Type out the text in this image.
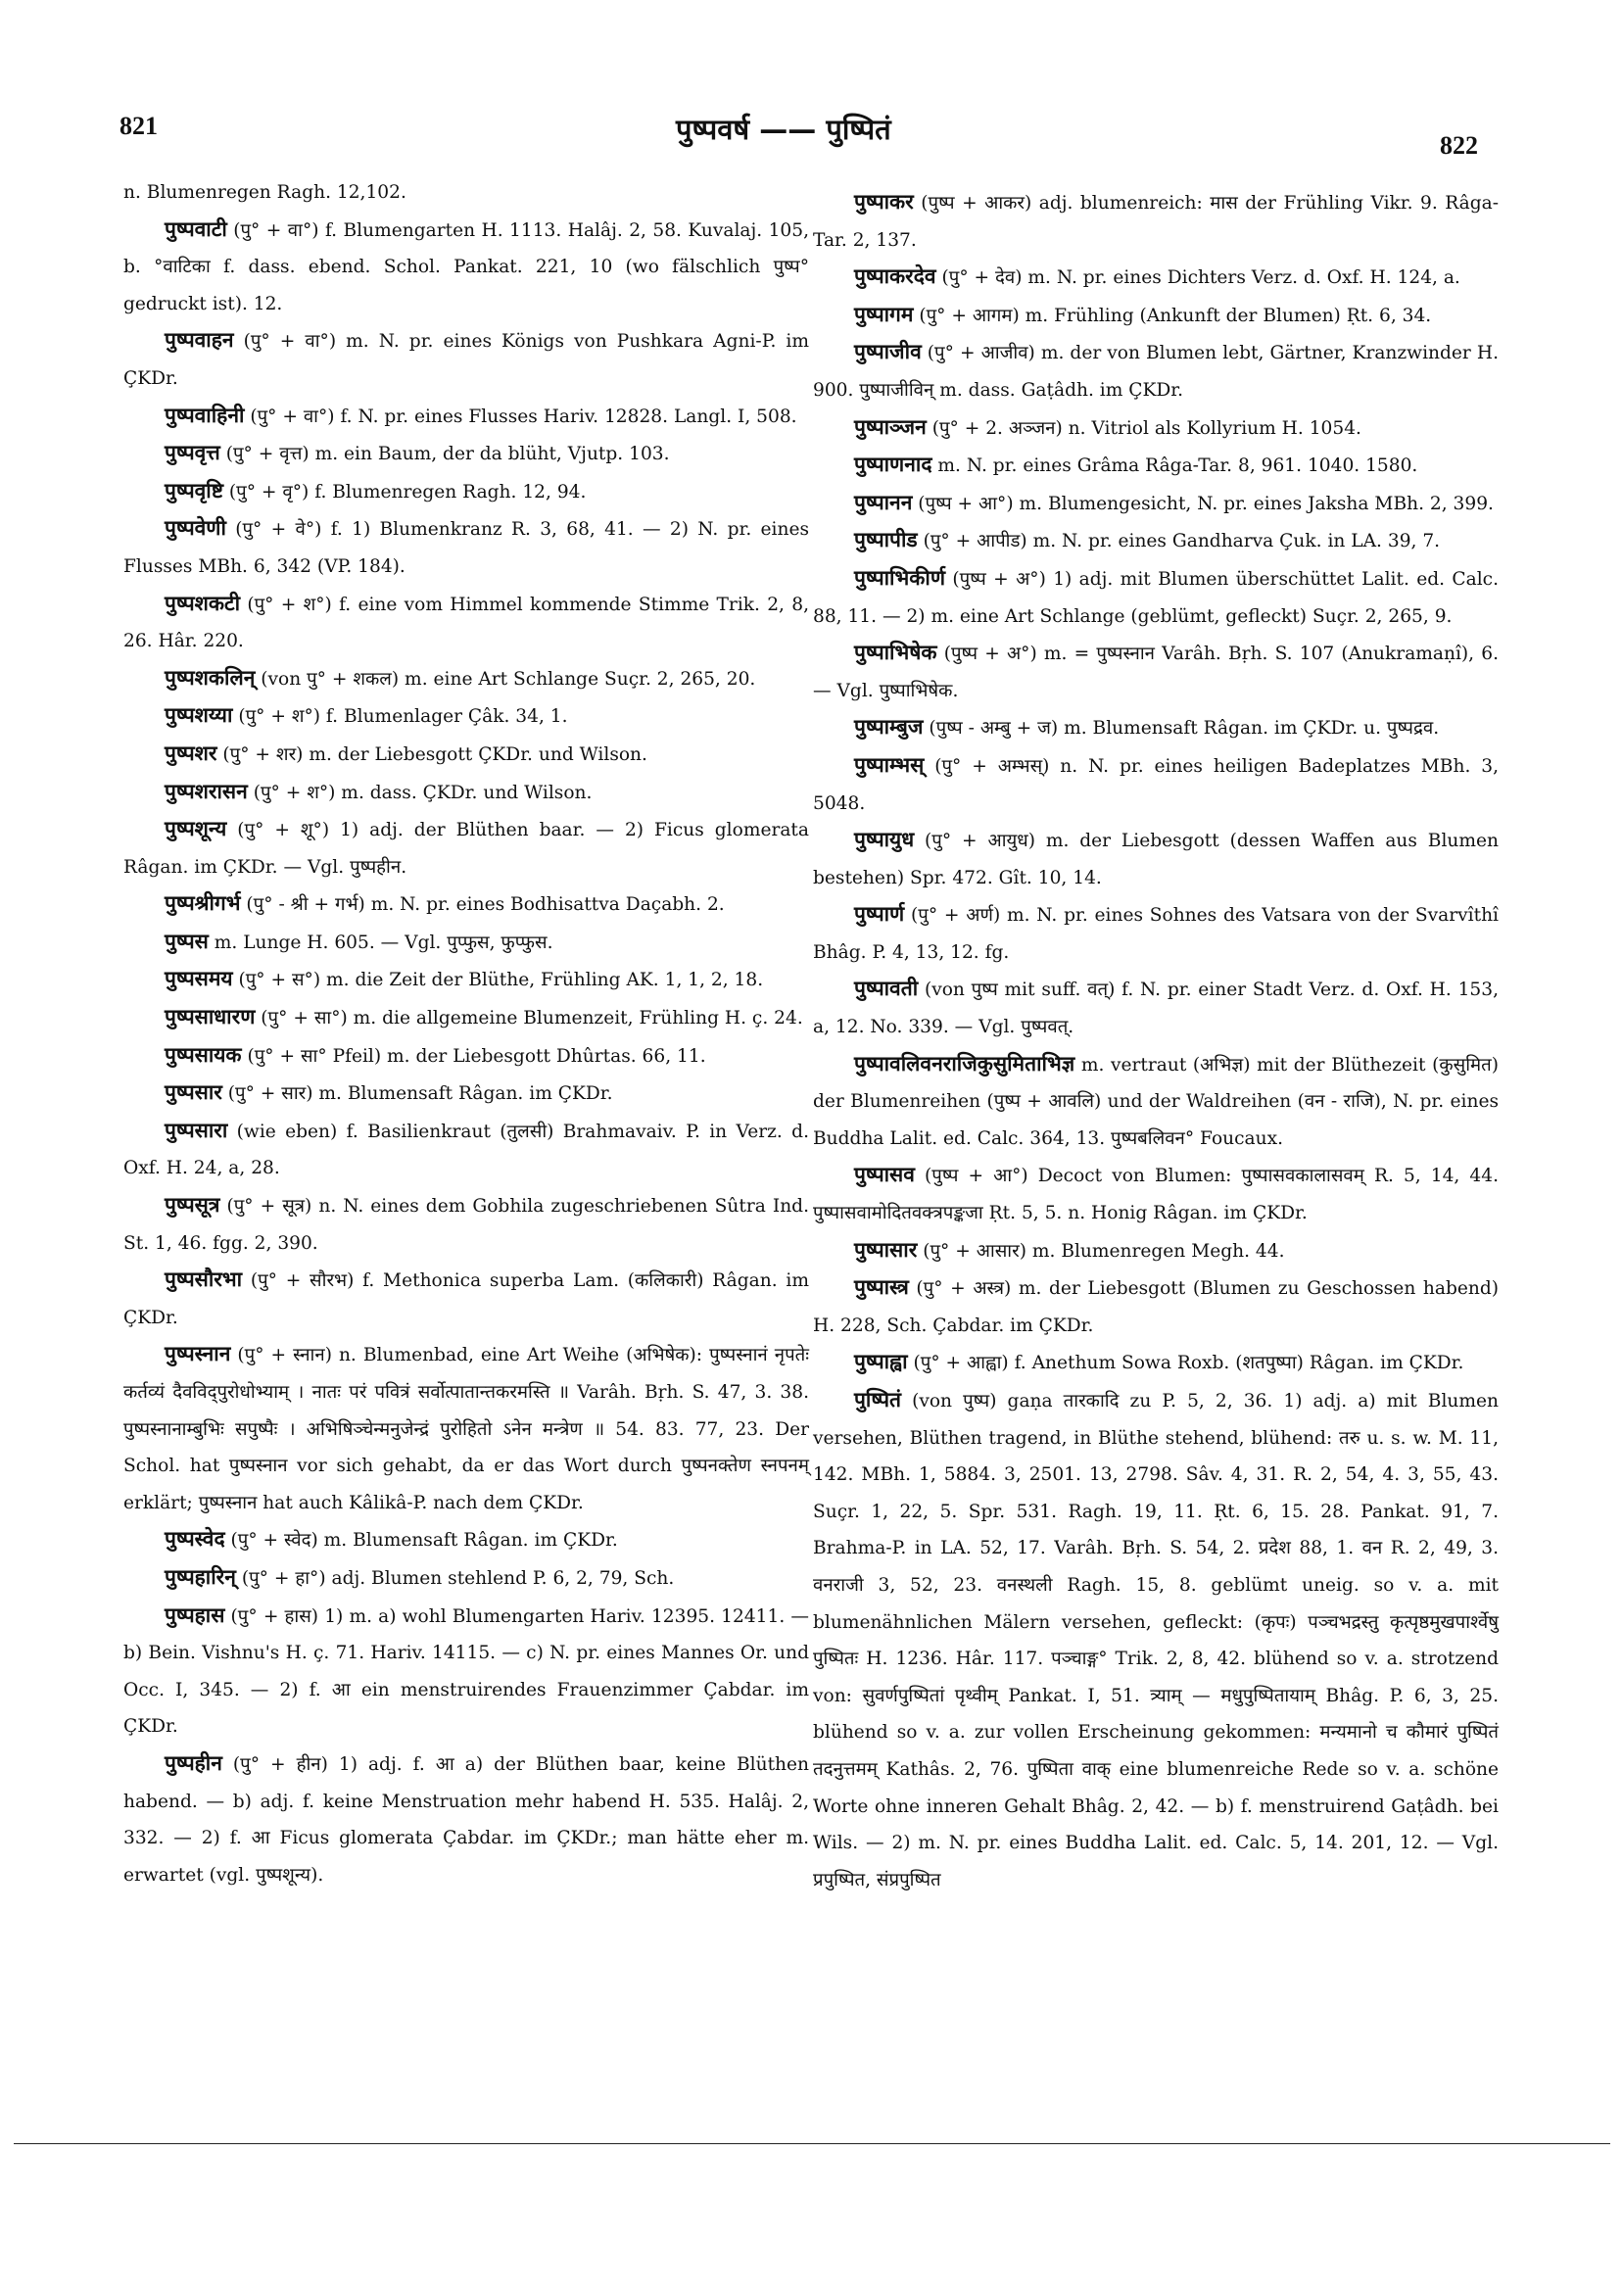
821	पुष्पवर्ष —— पुष्पितं	822

n. Blumenregen Ragh. 12,102.

पुष्पवाटी (पु° + वा°) f. Blumengarten H. 1113. Halâj. 2, 58. Kuvalaj. 105, b. °वाटिका f. dass. ebend. Schol. Pankat. 221, 10 (wo fälschlich पुष्प° gedruckt ist). 12.

पुष्पवाहन (पु° + वा°) m. N. pr. eines Königs von Pushkara Agni-P. im ÇKDr.

पुष्पवाहिनी (पु° + वा°) f. N. pr. eines Flusses Hariv. 12828. Langl. I, 508.

पुष्पवृत्त (पु° + वृत्त) m. ein Baum, der da blüht, Vjutp. 103.

पुष्पवृष्टि (पु° + वृ°) f. Blumenregen Ragh. 12, 94.

पुष्पवेणी (पु° + वे°) f. 1) Blumenkranz R. 3, 68, 41. — 2) N. pr. eines Flusses MBh. 6, 342 (VP. 184).

पुष्पशकटी (पु° + श°) f. eine vom Himmel kommende Stimme Trik. 2, 8, 26. Hâr. 220.

पुष्पशकलिन् (von पु° + शकल) m. eine Art Schlange Suçr. 2, 265, 20.

पुष्पशय्या (पु° + श°) f. Blumenlager Çâk. 34, 1.

पुष्पशर (पु° + शर) m. der Liebesgott ÇKDr. und Wilson.

पुष्पशरासन (पु° + श°) m. dass. ÇKDr. und Wilson.

पुष्पशून्य (पु° + शू°) 1) adj. der Blüthen baar. — 2) Ficus glomerata Râgan. im ÇKDr. — Vgl. पुष्पहीन.

पुष्पश्रीगर्भ (पु° - श्री + गर्भ) m. N. pr. eines Bodhisattva Daçabh. 2.

पुष्पस m. Lunge H. 605. — Vgl. पुप्फुस, फुप्फुस.

पुष्पसमय (पु° + स°) m. die Zeit der Blüthe, Frühling AK. 1, 1, 2, 18.

पुष्पसाधारण (पु° + सा°) m. die allgemeine Blumenzeit, Frühling H. ç. 24.

पुष्पसायक (पु° + सा° Pfeil) m. der Liebesgott Dhûrtas. 66, 11.

पुष्पसार (पु° + सार) m. Blumensaft Râgan. im ÇKDr.

पुष्पसारा (wie eben) f. Basilienkraut (तुलसी) Brahmavaiv. P. in Verz. d. Oxf. H. 24, a, 28.

पुष्पसूत्र (पु° + सूत्र) n. N. eines dem Gobhila zugeschriebenen Sûtra Ind. St. 1, 46. fgg. 2, 390.

पुष्पसौरभा (पु° + सौरभ) f. Methonica superba Lam. (कलिकारी) Râgan. im ÇKDr.

पुष्पस्नान (पु° + स्नान) n. Blumenbad, eine Art Weihe (अभिषेक): पुष्पस्नानं नृपतेः कर्तव्यं दैवविद्पुरोधोभ्याम् । नातः परं पवित्रं सर्वोत्पातान्तकरमस्ति ॥ Varâh. Bṛh. S. 47, 3. 38. पुष्पस्नानाम्बुभिः सपुष्पैः । अभिषिञ्चेन्मनुजेन्द्रं पुरोहितो ऽनेन मन्त्रेण ॥ 54. 83. 77, 23. Der Schol. hat पुष्पस्नान vor sich gehabt, da er das Wort durch पुष्पनक्तेण स्नपनम् erklärt; पुष्पस्नान hat auch Kâlikâ-P. nach dem ÇKDr.

पुष्पस्वेद (पु° + स्वेद) m. Blumensaft Râgan. im ÇKDr.

पुष्पहारिन् (पु° + हा°) adj. Blumen stehlend P. 6, 2, 79, Sch.

पुष्पहास (पु° + हास) 1) m. a) wohl Blumengarten Hariv. 12395. 12411. — b) Bein. Vishnu's H. ç. 71. Hariv. 14115. — c) N. pr. eines Mannes Or. und Occ. I, 345. — 2) f. आ ein menstruirendes Frauenzimmer Çabdar. im ÇKDr.

पुष्पहीन (पु° + हीन) 1) adj. f. आ a) der Blüthen baar, keine Blüthen habend. — b) adj. f. keine Menstruation mehr habend H. 535. Halâj. 2, 332. — 2) f. आ Ficus glomerata Çabdar. im ÇKDr.; man hätte eher m. erwartet (vgl. पुष्पशून्य).

पुष्पाकर (पुष्प + आकर) adj. blumenreich: मास der Frühling Vikr. 9. Râga-Tar. 2, 137.

पुष्पाकरदेव (पु° + देव) m. N. pr. eines Dichters Verz. d. Oxf. H. 124, a.

पुष्पागम (पु° + आगम) m. Frühling (Ankunft der Blumen) Ṛt. 6, 34.

पुष्पाजीव (पु° + आजीव) m. der von Blumen lebt, Gärtner, Kranzwinder H. 900. पुष्पाजीविन् m. dass. Gaṭâdh. im ÇKDr.

पुष्पाञ्जन (पु° + 2. अञ्जन) n. Vitriol als Kollyrium H. 1054.

पुष्पाणनाद m. N. pr. eines Grâma Râga-Tar. 8, 961. 1040. 1580.

पुष्पानन (पुष्प + आ°) m. Blumengesicht, N. pr. eines Jaksha MBh. 2, 399.

पुष्पापीड (पु° + आपीड) m. N. pr. eines Gandharva Çuk. in LA. 39, 7.

पुष्पाभिकीर्ण (पुष्प + अ°) 1) adj. mit Blumen überschüttet Lalit. ed. Calc. 88, 11. — 2) m. eine Art Schlange (geblümt, gefleckt) Suçr. 2, 265, 9.

पुष्पाभिषेक (पुष्प + अ°) m. = पुष्पस्नान Varâh. Bṛh. S. 107 (Anukramaṇî), 6. — Vgl. पुष्पाभिषेक.

पुष्पाम्बुज (पुष्प - अम्बु + ज) m. Blumensaft Râgan. im ÇKDr. u. पुष्पद्रव.

पुष्पाम्भस् (पु° + अम्भस्) n. N. pr. eines heiligen Badeplatzes MBh. 3, 5048.

पुष्पायुध (पु° + आयुध) m. der Liebesgott (dessen Waffen aus Blumen bestehen) Spr. 472. Gît. 10, 14.

पुष्पार्ण (पु° + अर्ण) m. N. pr. eines Sohnes des Vatsara von der Svarvîthî Bhâg. P. 4, 13, 12. fg.

पुष्पावती (von पुष्प mit suff. वत्) f. N. pr. einer Stadt Verz. d. Oxf. H. 153, a, 12. No. 339. — Vgl. पुष्पवत्.

पुष्पावलिवनराजिकुसुमिताभिज्ञ m. vertraut (अभिज्ञ) mit der Blüthezeit (कुसुमित) der Blumenreihen (पुष्प + आवलि) und der Waldreihen (वन - राजि), N. pr. eines Buddha Lalit. ed. Calc. 364, 13. पुष्पबलिवन° Foucaux.

पुष्पासव (पुष्प + आ°) Decoct von Blumen: पुष्पासवकालासवम् R. 5, 14, 44. पुष्पासवामोदितवक्त्रपङ्कजा Ṛt. 5, 5. n. Honig Râgan. im ÇKDr.

पुष्पासार (पु° + आसार) m. Blumenregen Megh. 44.

पुष्पास्त्र (पु° + अस्त्र) m. der Liebesgott (Blumen zu Geschossen habend) H. 228, Sch. Çabdar. im ÇKDr.

पुष्पाह्वा (पु° + आह्वा) f. Anethum Sowa Roxb. (शतपुष्पा) Râgan. im ÇKDr.

पुष्पितं (von पुष्प) gaṇa तारकादि zu P. 5, 2, 36. 1) adj. a) mit Blumen versehen, Blüthen tragend, in Blüthe stehend, blühend: तरु u. s. w. M. 11, 142. MBh. 1, 5884. 3, 2501. 13, 2798. Sâv. 4, 31. R. 2, 54, 4. 3, 55, 43. Suçr. 1, 22, 5. Spr. 531. Ragh. 19, 11. Ṛt. 6, 15. 28. Pankat. 91, 7. Brahma-P. in LA. 52, 17. Varâh. Bṛh. S. 54, 2. प्रदेश 88, 1. वन R. 2, 49, 3. वनराजी 3, 52, 23. वनस्थली Ragh. 15, 8. geblümt uneig. so v. a. mit blumenähnlichen Mälern versehen, gefleckt: (कृपः) पञ्चभद्रस्तु कृत्पृष्ठमुखपार्श्वेषु पुष्पितः H. 1236. Hâr. 117. पञ्चाङ्ग° Trik. 2, 8, 42. blühend so v. a. strotzend von: सुवर्णपुष्पितां पृथ्वीम् Pankat. I, 51. त्र्याम् — मधुपुष्पितायाम् Bhâg. P. 6, 3, 25. blühend so v. a. zur vollen Erscheinung gekommen: मन्यमानो च कौमारं पुष्पितं तदनुत्तमम् Kathâs. 2, 76. पुष्पिता वाक् eine blumenreiche Rede so v. a. schöne Worte ohne inneren Gehalt Bhâg. 2, 42. — b) f. menstruirend Gaṭâdh. bei Wils. — 2) m. N. pr. eines Buddha Lalit. ed. Calc. 5, 14. 201, 12. — Vgl. प्रपुष्पित, संप्रपुष्पित
